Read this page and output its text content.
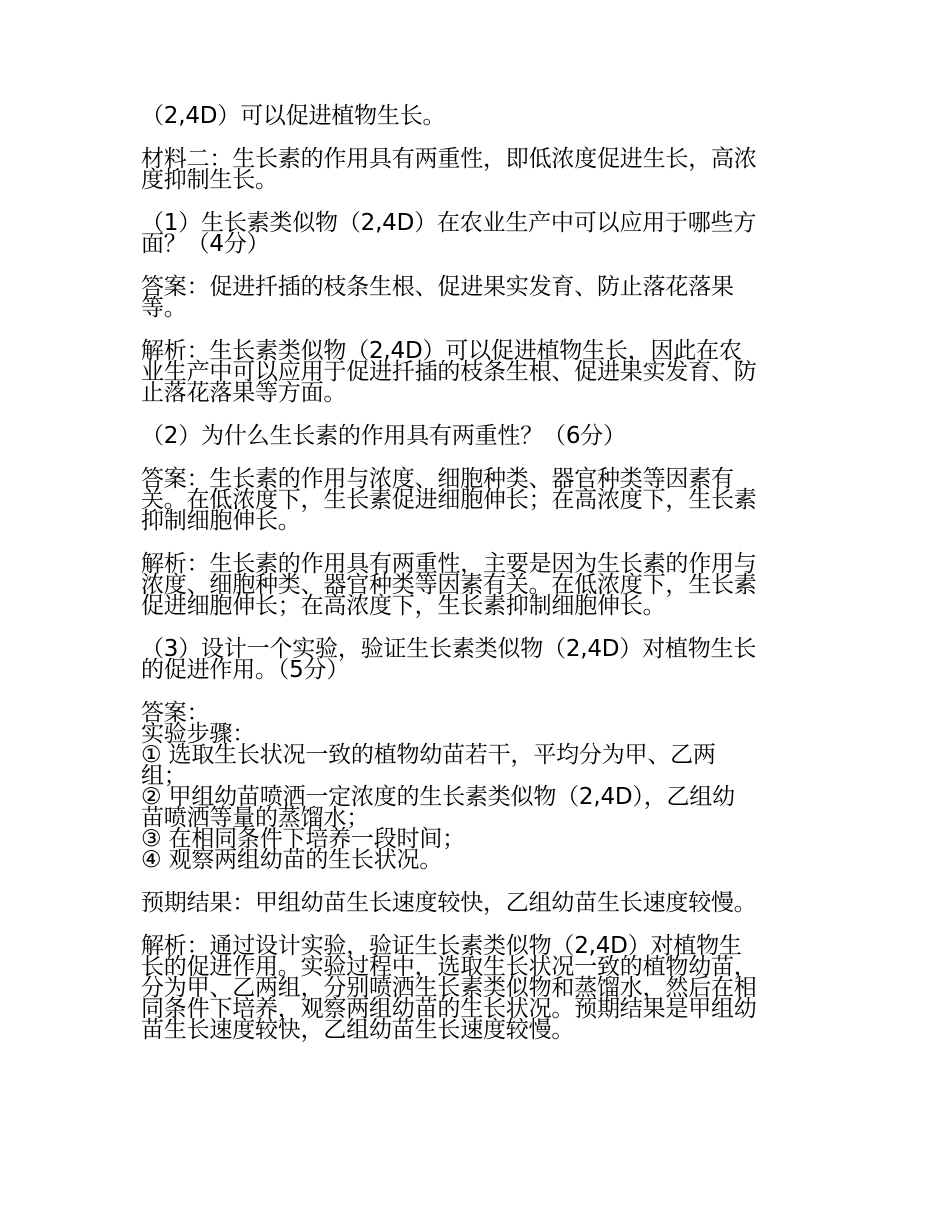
（2,4D）可以促进植物生长。

材料二：生长素的作用具有两重性，即低浓度促进生长，高浓
度抑制生长。

（1）生长素类似物（2,4D）在农业生产中可以应用于哪些方
面？（4分）

答案：促进扦插的枝条生根、促进果实发育、防止落花落果
等。

解析：生长素类似物（2,4D）可以促进植物生长，因此在农
业生产中可以应用于促进扦插的枝条生根、促进果实发育、防
止落花落果等方面。

（2）为什么生长素的作用具有两重性？（6分）

答案：生长素的作用与浓度、细胞种类、器官种类等因素有
关。在低浓度下，生长素促进细胞伸长；在高浓度下，生长素
抑制细胞伸长。

解析：生长素的作用具有两重性，主要是因为生长素的作用与
浓度、细胞种类、器官种类等因素有关。在低浓度下，生长素
促进细胞伸长；在高浓度下，生长素抑制细胞伸长。

（3）设计一个实验，验证生长素类似物（2,4D）对植物生长
的促进作用。（5分）

答案：
实验步骤：
① 选取生长状况一致的植物幼苗若干，平均分为甲、乙两
组；
② 甲组幼苗喷洒一定浓度的生长素类似物（2,4D），乙组幼
苗喷洒等量的蒸馏水；
③ 在相同条件下培养一段时间；
④ 观察两组幼苗的生长状况。

预期结果：甲组幼苗生长速度较快，乙组幼苗生长速度较慢。

解析：通过设计实验，验证生长素类似物（2,4D）对植物生
长的促进作用。实验过程中，选取生长状况一致的植物幼苗，
分为甲、乙两组，分别喷洒生长素类似物和蒸馏水，然后在相
同条件下培养，观察两组幼苗的生长状况。预期结果是甲组幼
苗生长速度较快，乙组幼苗生长速度较慢。
